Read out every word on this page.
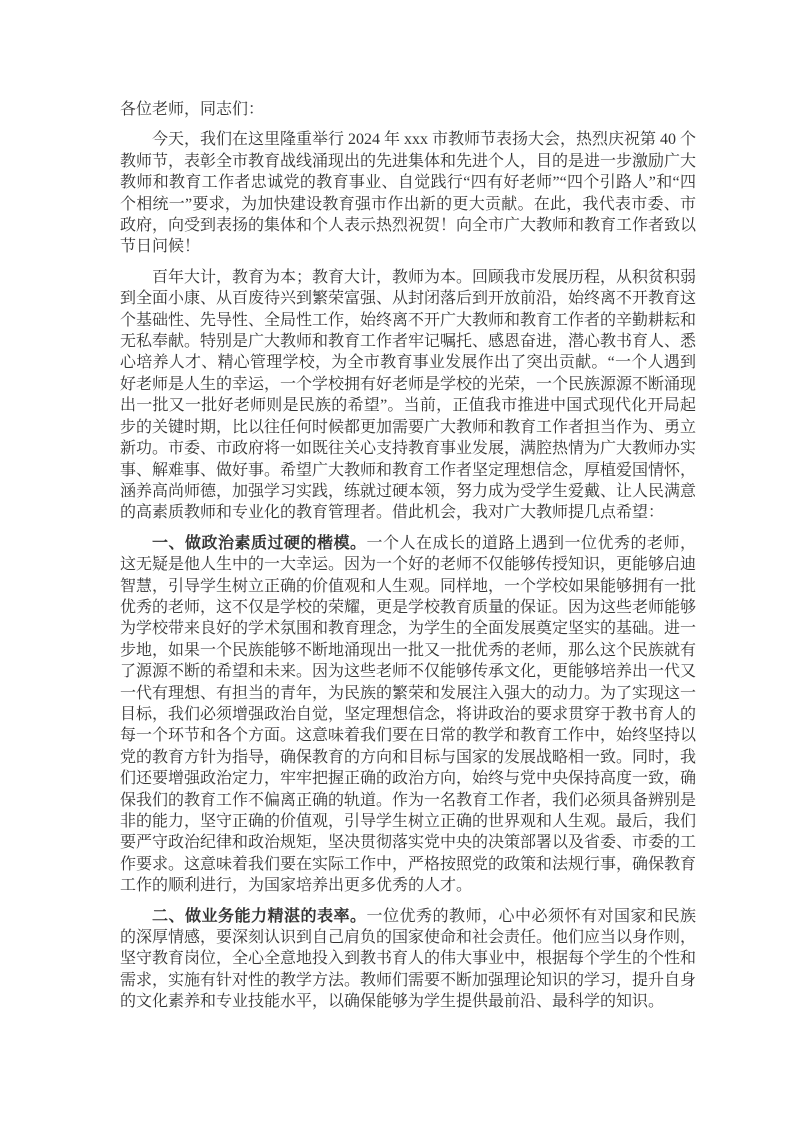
各位老师，同志们：

今天，我们在这里隆重举行 2024 年 xxx 市教师节表扬大会，热烈庆祝第 40 个教师节，表彰全市教育战线涌现出的先进集体和先进个人，目的是进一步激励广大教师和教育工作者忠诚党的教育事业、自觉践行“四有好老师”“四个引路人”和“四个相统一”要求，为加快建设教育强市作出新的更大贡献。在此，我代表市委、市政府，向受到表扬的集体和个人表示热烈祝贺！向全市广大教师和教育工作者致以节日问候！

百年大计，教育为本；教育大计，教师为本。回顾我市发展历程，从积贫积弱到全面小康、从百废待兴到繁荣富强、从封闭落后到开放前沿，始终离不开教育这个基础性、先导性、全局性工作，始终离不开广大教师和教育工作者的辛勤耕耘和无私奉献。特别是广大教师和教育工作者牢记嘱托、感恩奋进，潜心教书育人、悉心培养人才、精心管理学校，为全市教育事业发展作出了突出贡献。“一个人遇到好老师是人生的幸运，一个学校拥有好老师是学校的光荣，一个民族源源不断涌现出一批又一批好老师则是民族的希望”。当前，正值我市推进中国式现代化开局起步的关键时期，比以往任何时候都更加需要广大教师和教育工作者担当作为、勇立新功。市委、市政府将一如既往关心支持教育事业发展，满腔热情为广大教师办实事、解难事、做好事。希望广大教师和教育工作者坚定理想信念，厚植爱国情怀，涵养高尚师德，加强学习实践，练就过硬本领，努力成为受学生爱戴、让人民满意的高素质教师和专业化的教育管理者。借此机会，我对广大教师提几点希望：

一、做政治素质过硬的楷模。一个人在成长的道路上遇到一位优秀的老师，这无疑是他人生中的一大幸运。因为一个好的老师不仅能够传授知识，更能够启迪智慧，引导学生树立正确的价值观和人生观。同样地，一个学校如果能够拥有一批优秀的老师，这不仅是学校的荣耀，更是学校教育质量的保证。因为这些老师能够为学校带来良好的学术氛围和教育理念，为学生的全面发展奠定坚实的基础。进一步地，如果一个民族能够不断地涌现出一批又一批优秀的老师，那么这个民族就有了源源不断的希望和未来。因为这些老师不仅能够传承文化，更能够培养出一代又一代有理想、有担当的青年，为民族的繁荣和发展注入强大的动力。为了实现这一目标，我们必须增强政治自觉，坚定理想信念，将讲政治的要求贯穿于教书育人的每一个环节和各个方面。这意味着我们要在日常的教学和教育工作中，始终坚持以党的教育方针为指导，确保教育的方向和目标与国家的发展战略相一致。同时，我们还要增强政治定力，牢牢把握正确的政治方向，始终与党中央保持高度一致，确保我们的教育工作不偏离正确的轨道。作为一名教育工作者，我们必须具备辨别是非的能力，坚守正确的价值观，引导学生树立正确的世界观和人生观。最后，我们要严守政治纪律和政治规矩，坚决贯彻落实党中央的决策部署以及省委、市委的工作要求。这意味着我们要在实际工作中，严格按照党的政策和法规行事，确保教育工作的顺利进行，为国家培养出更多优秀的人才。

二、做业务能力精湛的表率。一位优秀的教师，心中必须怀有对国家和民族的深厚情感，要深刻认识到自己肩负的国家使命和社会责任。他们应当以身作则，坚守教育岗位，全心全意地投入到教书育人的伟大事业中，根据每个学生的个性和需求，实施有针对性的教学方法。教师们需要不断加强理论知识的学习，提升自身的文化素养和专业技能水平，以确保能够为学生提供最前沿、最科学的知识。
